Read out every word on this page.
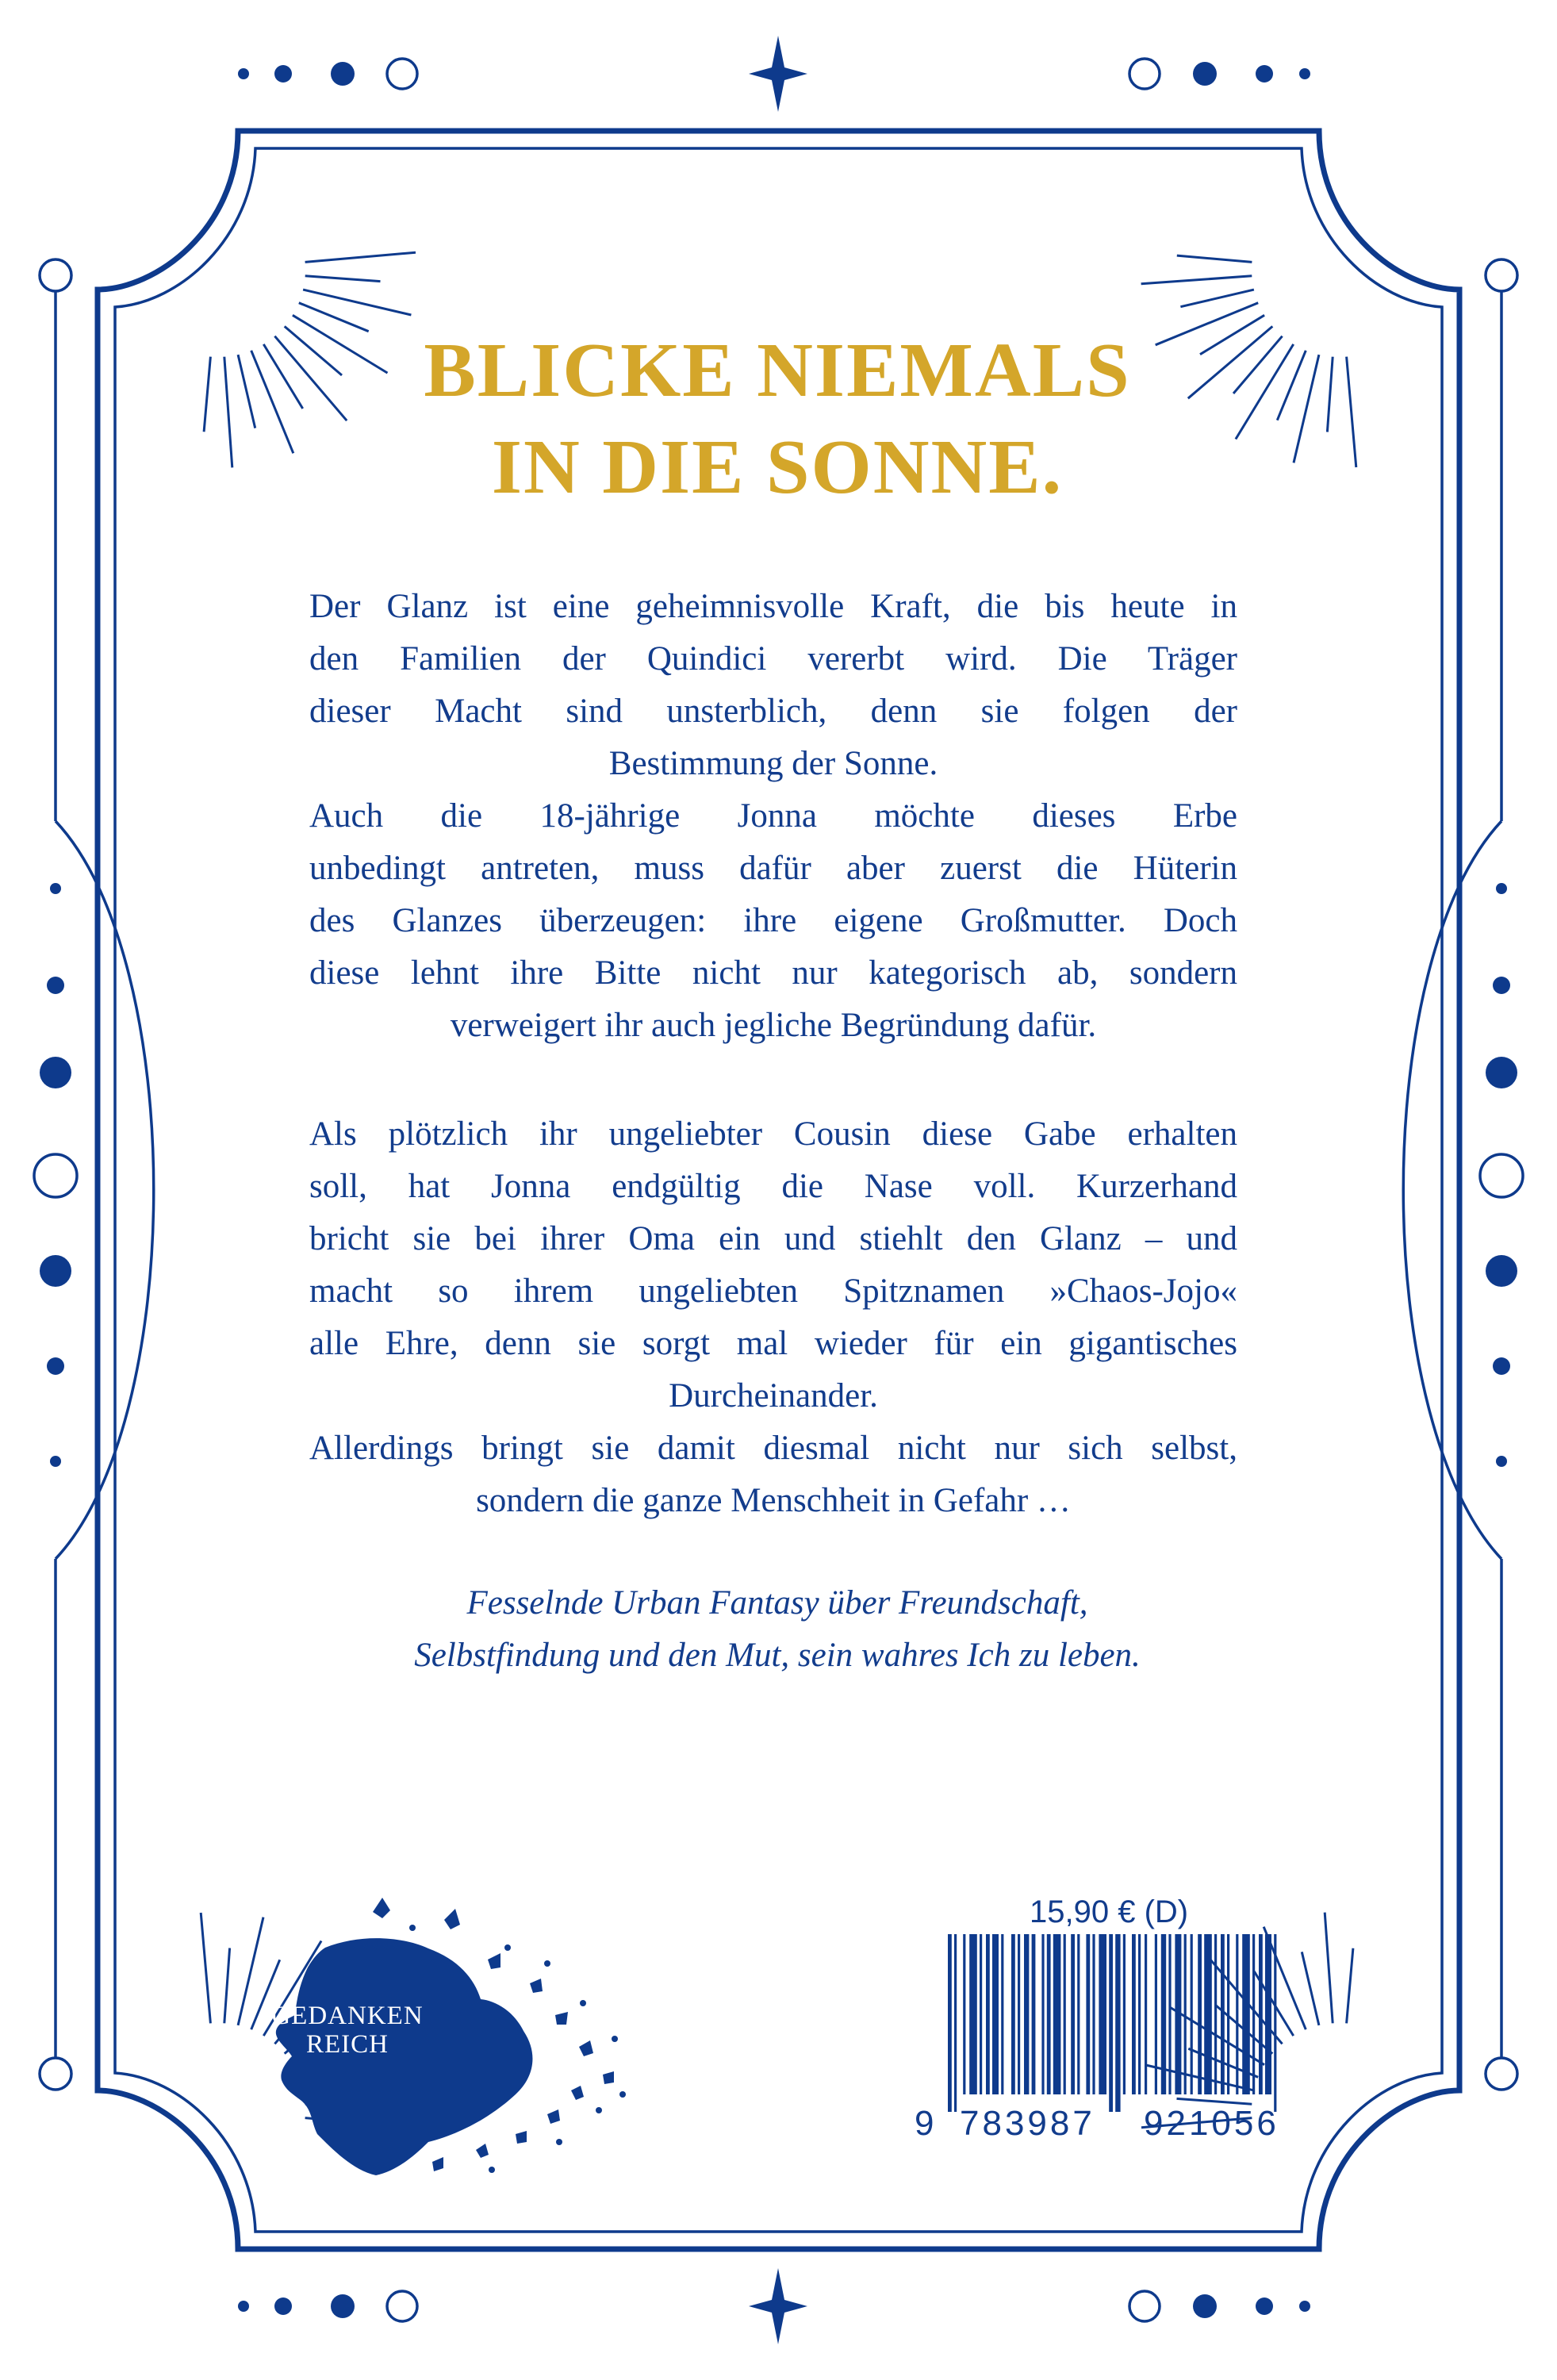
BLICKE NIEMALS
IN DIE SONNE.

Der Glanz ist eine geheimnisvolle Kraft, die bis heute in
den Familien der Quindici vererbt wird. Die Träger
dieser Macht sind unsterblich, denn sie folgen der
Bestimmung der Sonne.
Auch die 18-jährige Jonna möchte dieses Erbe
unbedingt antreten, muss dafür aber zuerst die Hüterin
des Glanzes überzeugen: ihre eigene Großmutter. Doch
diese lehnt ihre Bitte nicht nur kategorisch ab, sondern
verweigert ihr auch jegliche Begründung dafür.

Als plötzlich ihr ungeliebter Cousin diese Gabe erhalten
soll, hat Jonna endgültig die Nase voll. Kurzerhand
bricht sie bei ihrer Oma ein und stiehlt den Glanz – und
macht so ihrem ungeliebten Spitznamen »Chaos-Jojo«
alle Ehre, denn sie sorgt mal wieder für ein gigantisches
Durcheinander.
Allerdings bringt sie damit diesmal nicht nur sich selbst,
sondern die ganze Menschheit in Gefahr …

Fesselnde Urban Fantasy über Freundschaft,
Selbstfindung und den Mut, sein wahres Ich zu leben.

GEDANKEN
REICH
15,90 € (D)
9 783987 921056
